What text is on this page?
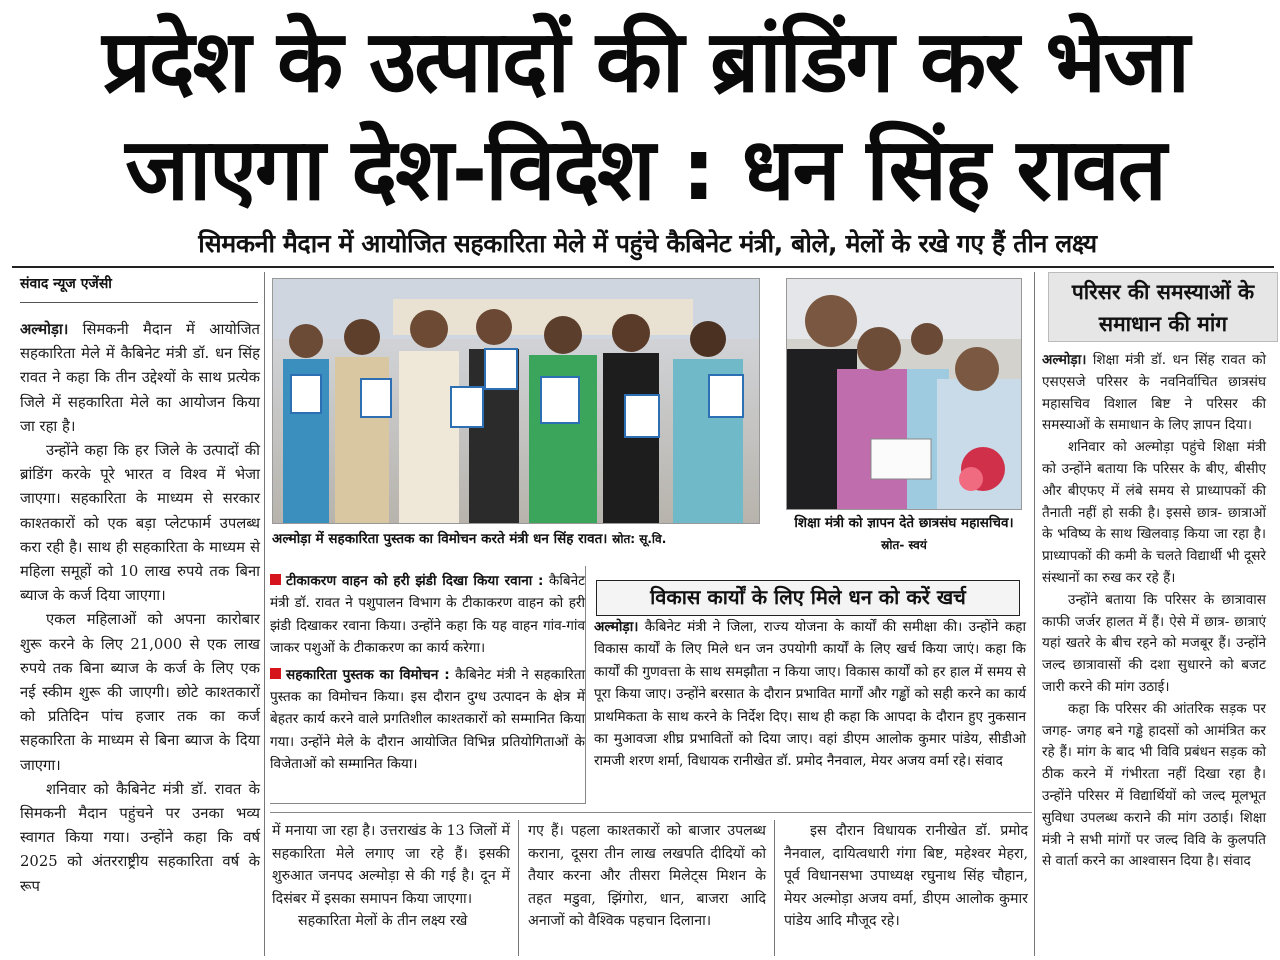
प्रदेश के उत्पादों की ब्रांडिंग कर भेजा
जाएगा देश-विदेश : धन सिंह रावत
सिमकनी मैदान में आयोजित सहकारिता मेले में पहुंचे कैबिनेट मंत्री, बोले, मेलों के रखे गए हैं तीन लक्ष्य
संवाद न्यूज एजेंसी

अल्मोड़ा। सिमकनी मैदान में आयोजित सहकारिता मेले में कैबिनेट मंत्री डॉ. धन सिंह रावत ने कहा कि तीन उद्देश्यों के साथ प्रत्येक जिले में सहकारिता मेले का आयोजन किया जा रहा है।

उन्होंने कहा कि हर जिले के उत्पादों की ब्रांडिंग करके पूरे भारत व विश्व में भेजा जाएगा। सहकारिता के माध्यम से सरकार काश्तकारों को एक बड़ा प्लेटफार्म उपलब्ध करा रही है। साथ ही सहकारिता के माध्यम से महिला समूहों को 10 लाख रुपये तक बिना ब्याज के कर्ज दिया जाएगा।

एकल महिलाओं को अपना कारोबार शुरू करने के लिए 21,000 से एक लाख रुपये तक बिना ब्याज के कर्ज के लिए एक नई स्कीम शुरू की जाएगी। छोटे काश्तकारों को प्रतिदिन पांच हजार तक का कर्ज सहकारिता के माध्यम से बिना ब्याज के दिया जाएगा।

शनिवार को कैबिनेट मंत्री डॉ. रावत के सिमकनी मैदान पहुंचने पर उनका भव्य स्वागत किया गया। उन्होंने कहा कि वर्ष 2025 को अंतरराष्ट्रीय सहकारिता वर्ष के रूप

अल्मोड़ा में सहकारिता पुस्तक का विमोचन करते मंत्री धन सिंह रावत। स्रोत: सू.वि.
शिक्षा मंत्री को ज्ञापन देते छात्रसंघ महासचिव। स्रोत- स्वयं

टीकाकरण वाहन को हरी झंडी दिखा किया रवाना : कैबिनेट मंत्री डॉ. रावत ने पशुपालन विभाग के टीकाकरण वाहन को हरी झंडी दिखाकर रवाना किया। उन्होंने कहा कि यह वाहन गांव-गांव जाकर पशुओं के टीकाकरण का कार्य करेगा।

सहकारिता पुस्तक का विमोचन : कैबिनेट मंत्री ने सहकारिता पुस्तक का विमोचन किया। इस दौरान दुग्ध उत्पादन के क्षेत्र में बेहतर कार्य करने वाले प्रगतिशील काश्तकारों को सम्मानित किया गया। उन्होंने मेले के दौरान आयोजित विभिन्न प्रतियोगिताओं के विजेताओं को सम्मानित किया।

विकास कार्यों के लिए मिले धन को करें खर्च
अल्मोड़ा। कैबिनेट मंत्री ने जिला, राज्य योजना के कार्यों की समीक्षा की। उन्होंने कहा विकास कार्यों के लिए मिले धन जन उपयोगी कार्यों के लिए खर्च किया जाएं। कहा कि कार्यों की गुणवत्ता के साथ समझौता न किया जाए। विकास कार्यों को हर हाल में समय से पूरा किया जाए। उन्होंने बरसात के दौरान प्रभावित मार्गों और गड्ढों को सही करने का कार्य प्राथमिकता के साथ करने के निर्देश दिए। साथ ही कहा कि आपदा के दौरान हुए नुकसान का मुआवजा शीघ्र प्रभावितों को दिया जाए। वहां डीएम आलोक कुमार पांडेय, सीडीओ रामजी शरण शर्मा, विधायक रानीखेत डॉ. प्रमोद नैनवाल, मेयर अजय वर्मा रहे। संवाद

में मनाया जा रहा है। उत्तराखंड के 13 जिलों में सहकारिता मेले लगाए जा रहे हैं। इसकी शुरुआत जनपद अल्मोड़ा से की गई है। दून में दिसंबर में इसका समापन किया जाएगा।

सहकारिता मेलों के तीन लक्ष्य रखे

गए हैं। पहला काश्तकारों को बाजार उपलब्ध कराना, दूसरा तीन लाख लखपति दीदियों को तैयार करना और तीसरा मिलेट्स मिशन के तहत मडुवा, झिंगोरा, धान, बाजरा आदि अनाजों को वैश्विक पहचान दिलाना।

इस दौरान विधायक रानीखेत डॉ. प्रमोद नैनवाल, दायित्वधारी गंगा बिष्ट, महेश्वर मेहरा, पूर्व विधानसभा उपाध्यक्ष रघुनाथ सिंह चौहान, मेयर अल्मोड़ा अजय वर्मा, डीएम आलोक कुमार पांडेय आदि मौजूद रहे।

परिसर की समस्याओं के समाधान की मांग

अल्मोड़ा। शिक्षा मंत्री डॉ. धन सिंह रावत को एसएसजे परिसर के नवनिर्वाचित छात्रसंघ महासचिव विशाल बिष्ट ने परिसर की समस्याओं के समाधान के लिए ज्ञापन दिया।

शनिवार को अल्मोड़ा पहुंचे शिक्षा मंत्री को उन्होंने बताया कि परिसर के बीए, बीसीए और बीएफए में लंबे समय से प्राध्यापकों की तैनाती नहीं हो सकी है। इससे छात्र- छात्राओं के भविष्य के साथ खिलवाड़ किया जा रहा है। प्राध्यापकों की कमी के चलते विद्यार्थी भी दूसरे संस्थानों का रुख कर रहे हैं।

उन्होंने बताया कि परिसर के छात्रावास काफी जर्जर हालत में हैं। ऐसे में छात्र- छात्राएं यहां खतरे के बीच रहने को मजबूर हैं। उन्होंने जल्द छात्रावासों की दशा सुधारने को बजट जारी करने की मांग उठाई।

कहा कि परिसर की आंतरिक सड़क पर जगह- जगह बने गड्ढे हादसों को आमंत्रित कर रहे हैं। मांग के बाद भी विवि प्रबंधन सड़क को ठीक करने में गंभीरता नहीं दिखा रहा है। उन्होंने परिसर में विद्यार्थियों को जल्द मूलभूत सुविधा उपलब्ध कराने की मांग उठाई। शिक्षा मंत्री ने सभी मांगों पर जल्द विवि के कुलपति से वार्ता करने का आश्वासन दिया है। संवाद
